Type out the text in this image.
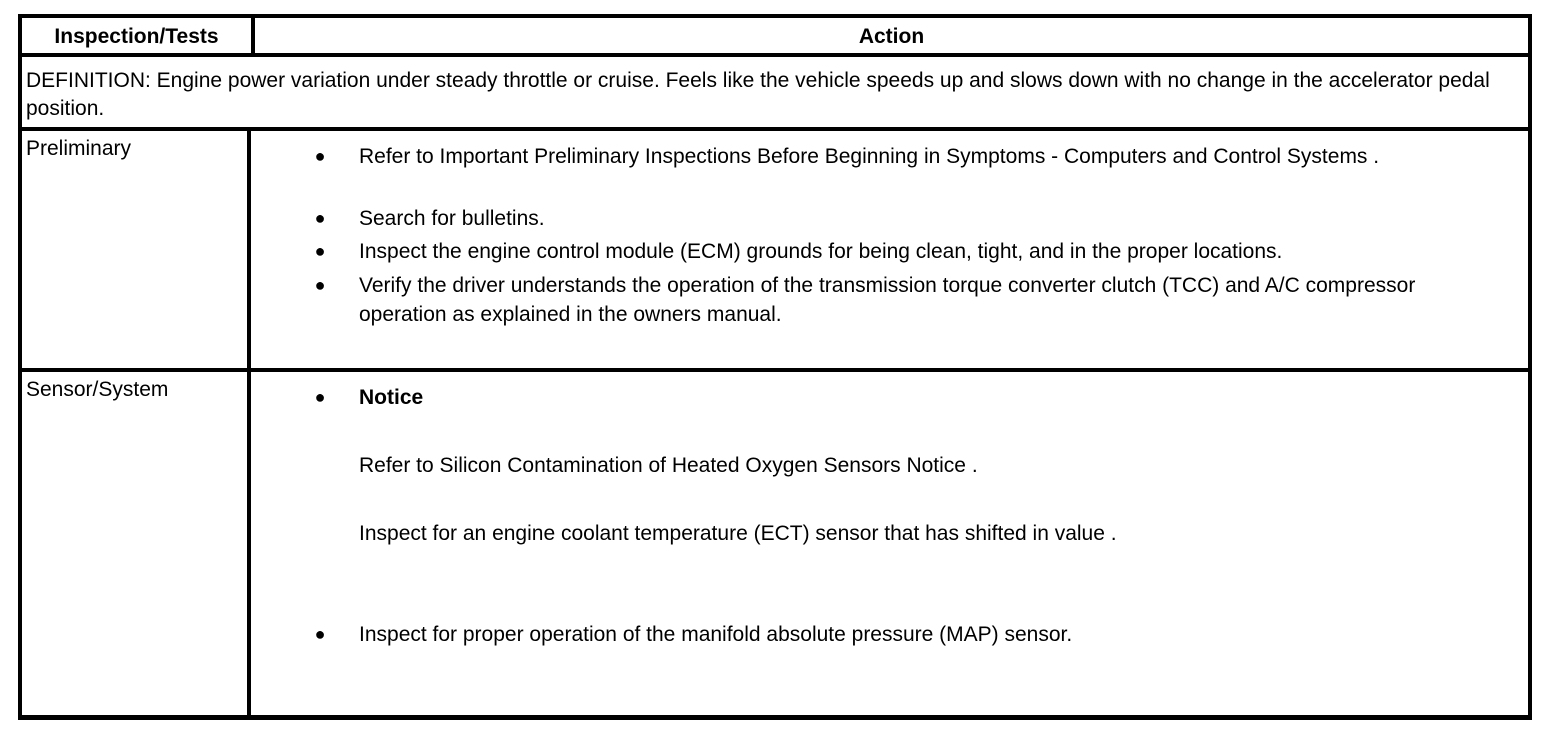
Inspection/Tests	Action
DEFINITION: Engine power variation under steady throttle or cruise. Feels like the vehicle speeds up and slows down with no change in the accelerator pedal position.
Preliminary	● Refer to Important Preliminary Inspections Before Beginning in Symptoms - Computers and Control Systems .
● Search for bulletins.
● Inspect the engine control module (ECM) grounds for being clean, tight, and in the proper locations.
● Verify the driver understands the operation of the transmission torque converter clutch (TCC) and A/C compressor operation as explained in the owners manual.
Sensor/System	● Notice
Refer to Silicon Contamination of Heated Oxygen Sensors Notice .
Inspect for an engine coolant temperature (ECT) sensor that has shifted in value .
● Inspect for proper operation of the manifold absolute pressure (MAP) sensor.
